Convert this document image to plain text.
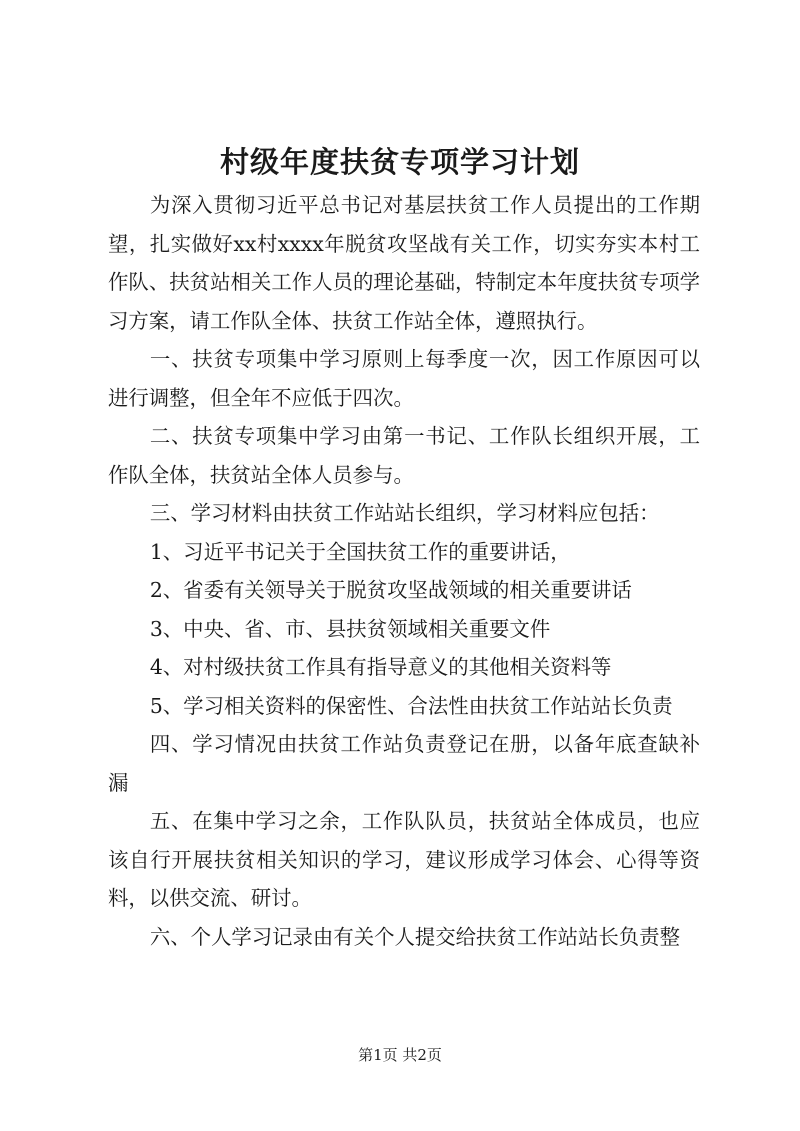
村级年度扶贫专项学习计划

为深入贯彻习近平总书记对基层扶贫工作人员提出的工作期望，扎实做好xx村xxxx年脱贫攻坚战有关工作，切实夯实本村工作队、扶贫站相关工作人员的理论基础，特制定本年度扶贫专项学习方案，请工作队全体、扶贫工作站全体，遵照执行。

一、扶贫专项集中学习原则上每季度一次，因工作原因可以进行调整，但全年不应低于四次。

二、扶贫专项集中学习由第一书记、工作队长组织开展，工作队全体，扶贫站全体人员参与。

三、学习材料由扶贫工作站站长组织，学习材料应包括：

1、习近平书记关于全国扶贫工作的重要讲话，

2、省委有关领导关于脱贫攻坚战领域的相关重要讲话

3、中央、省、市、县扶贫领域相关重要文件

4、对村级扶贫工作具有指导意义的其他相关资料等

5、学习相关资料的保密性、合法性由扶贫工作站站长负责

四、学习情况由扶贫工作站负责登记在册，以备年底查缺补漏

五、在集中学习之余，工作队队员，扶贫站全体成员，也应该自行开展扶贫相关知识的学习，建议形成学习体会、心得等资料，以供交流、研讨。

六、个人学习记录由有关个人提交给扶贫工作站站长负责整

第1页 共2页
